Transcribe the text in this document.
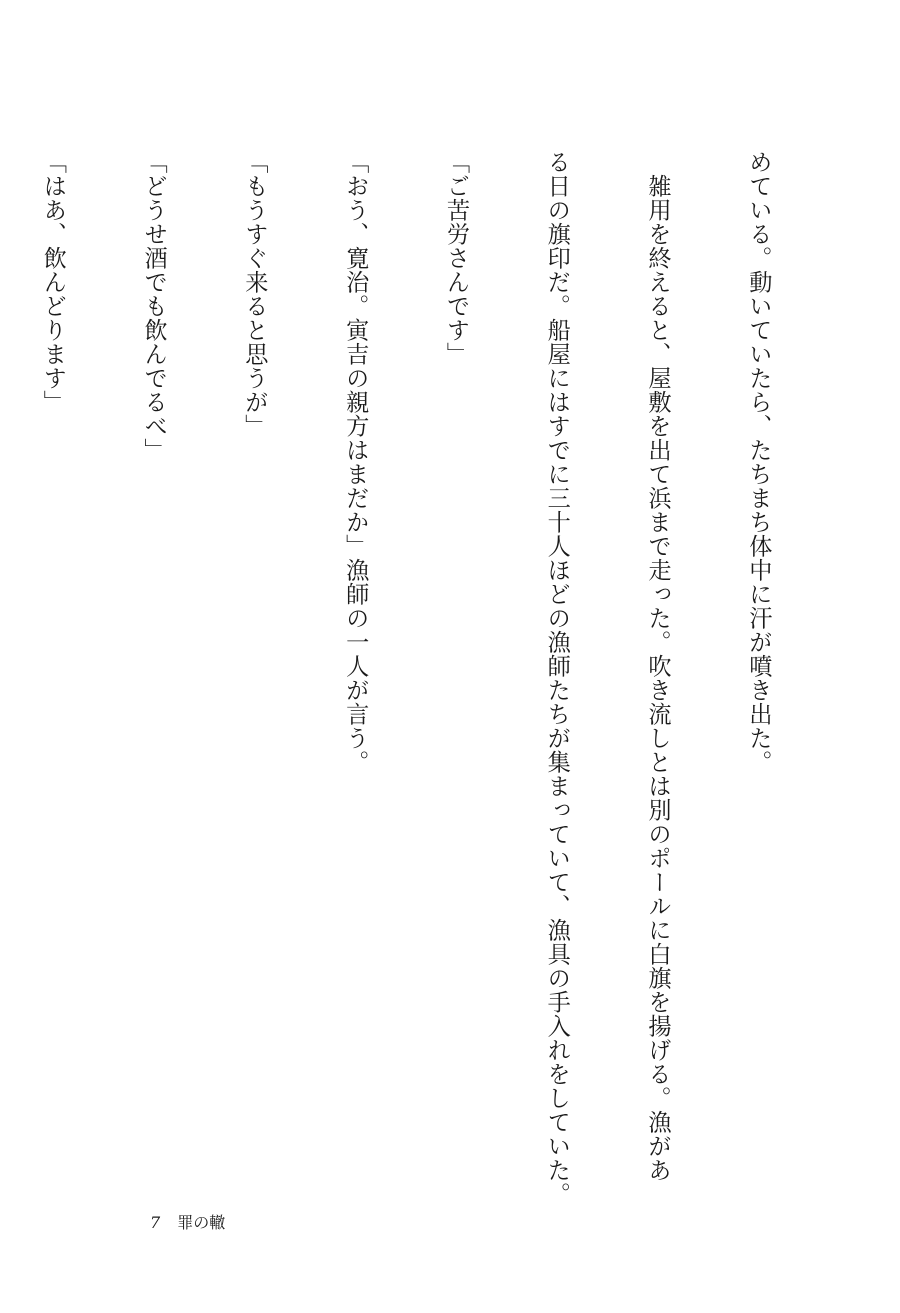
めている。動いていたら、たちまち体中に汗が噴き出た。

　雑用を終えると、屋敷を出て浜まで走った。吹き流しとは別のポールに白旗を揚げる。漁があ

る日の旗印だ。船屋にはすでに三十人ほどの漁師たちが集まっていて、漁具の手入れをしていた。

「ご苦労さんです」

「おう、寛治。寅吉の親方はまだか」漁師の一人が言う。

「もうすぐ来ると思うが」

「どうせ酒でも飲んでるべ」

「はあ、飲んどります」

7 罪の轍
